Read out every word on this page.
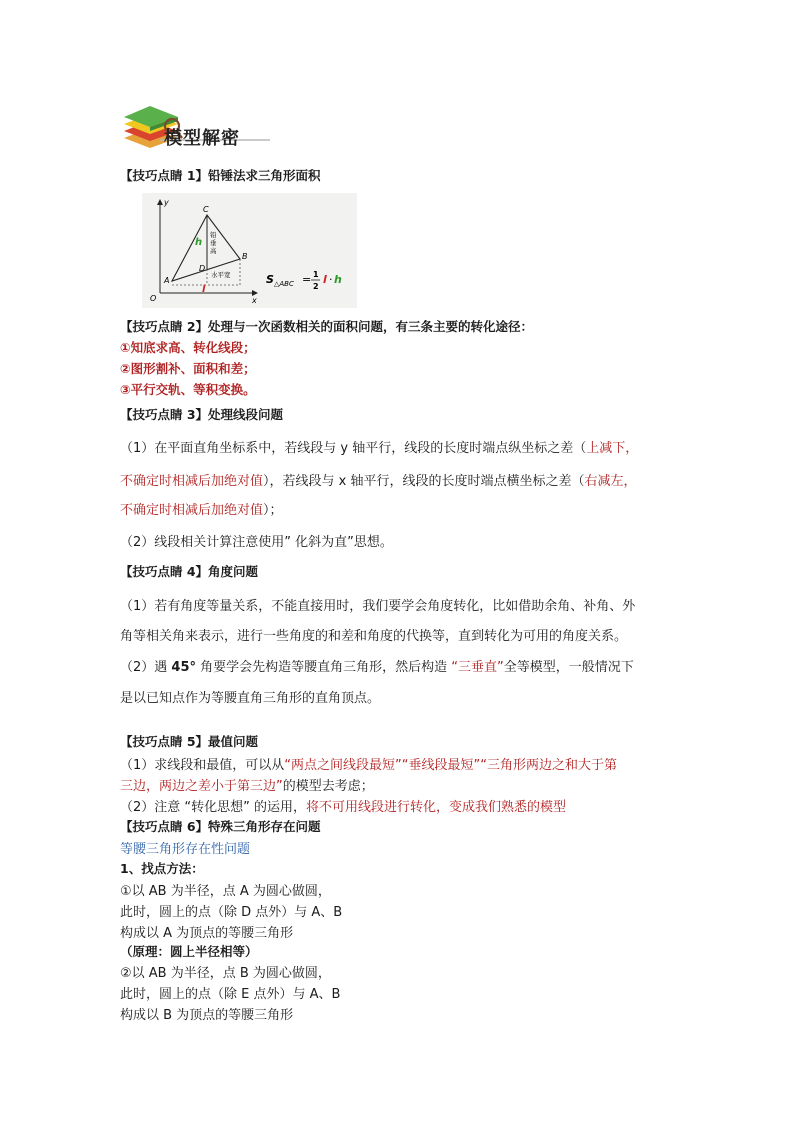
模型解密
【技巧点睛 1】铅锤法求三角形面积
y
x
O
C
A
B
D
h
铅
垂
高
水平宽
l
S △ABC = 1
2
l · h
【技巧点睛 2】处理与一次函数相关的面积问题，有三条主要的转化途径：
①知底求高、转化线段；
②图形割补、面积和差；
③平行交轨、等积变换。
【技巧点睛 3】处理线段问题
（1）在平面直角坐标系中，若线段与 y 轴平行，线段的长度时端点纵坐标之差（上减下，
不确定时相减后加绝对值），若线段与 x 轴平行，线段的长度时端点横坐标之差（右减左，
不确定时相减后加绝对值）；
（2）线段相关计算注意使用” 化斜为直”思想。
【技巧点睛 4】角度问题
（1）若有角度等量关系，不能直接用时，我们要学会角度转化，比如借助余角、补角、外
角等相关角来表示，进行一些角度的和差和角度的代换等，直到转化为可用的角度关系。
（2）遇 45° 角要学会先构造等腰直角三角形，然后构造 “三垂直”全等模型，一般情况下
是以已知点作为等腰直角三角形的直角顶点。
【技巧点睛 5】最值问题
（1）求线段和最值，可以从“两点之间线段最短”“垂线段最短”“三角形两边之和大于第
三边，两边之差小于第三边”的模型去考虑；
（2）注意 “转化思想” 的运用，将不可用线段进行转化，变成我们熟悉的模型
【技巧点睛 6】特殊三角形存在问题
等腰三角形存在性问题
1、找点方法：
①以 AB 为半径，点 A 为圆心做圆，
此时，圆上的点（除 D 点外）与 A、B
构成以 A 为顶点的等腰三角形
（原理：圆上半径相等）
②以 AB 为半径，点 B 为圆心做圆，
此时，圆上的点（除 E 点外）与 A、B
构成以 B 为顶点的等腰三角形
